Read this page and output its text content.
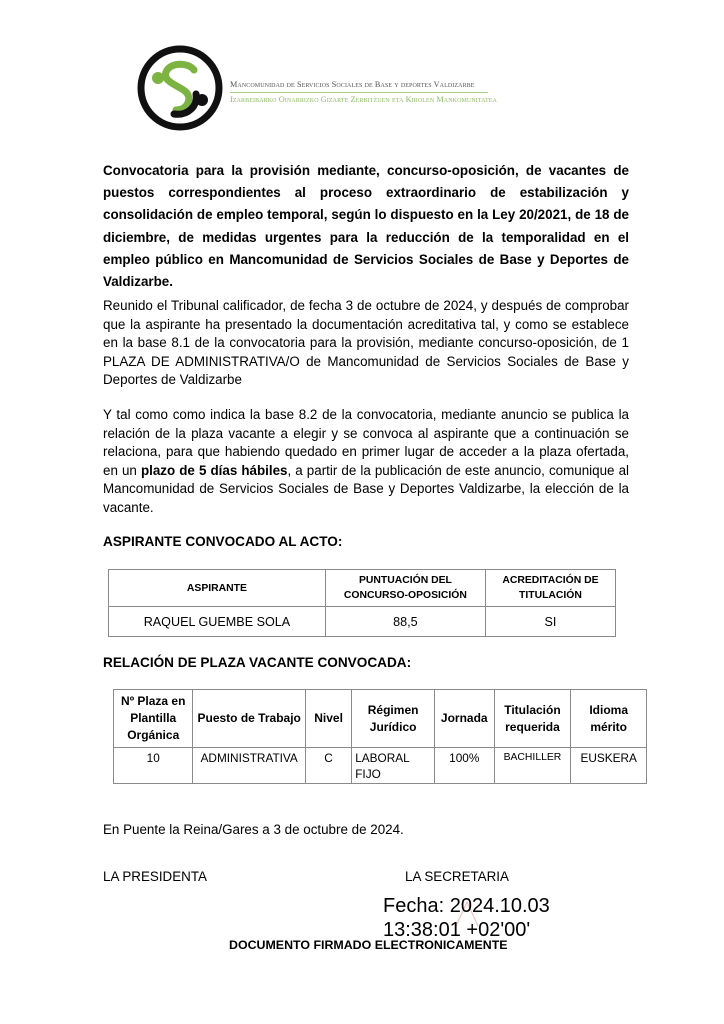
Mancomunidad de Servicios Sociales de Base y deportes Valdizarbe
Izarbeibarko Oinarrizko Gizarte Zerbitzuen eta Kirolen Mankomunitatea
Convocatoria para la provisión mediante, concurso-oposición, de vacantes de puestos correspondientes al proceso extraordinario de estabilización y consolidación de empleo temporal, según lo dispuesto en la Ley 20/2021, de 18 de diciembre, de medidas urgentes para la reducción de la temporalidad en el empleo público en Mancomunidad de Servicios Sociales de Base y Deportes de Valdizarbe.
Reunido el Tribunal calificador, de fecha 3 de octubre de 2024, y después de comprobar que la aspirante ha presentado la documentación acreditativa tal, y como se establece en la base 8.1 de la convocatoria para la provisión, mediante concurso-oposición, de 1 PLAZA DE ADMINISTRATIVA/O de Mancomunidad de Servicios Sociales de Base y Deportes de Valdizarbe
Y tal como como indica la base 8.2 de la convocatoria, mediante anuncio se publica la relación de la plaza vacante a elegir y se convoca al aspirante que a continuación se relaciona, para que habiendo quedado en primer lugar de acceder a la plaza ofertada, en un plazo de 5 días hábiles, a partir de la publicación de este anuncio, comunique al Mancomunidad de Servicios Sociales de Base y Deportes Valdizarbe, la elección de la vacante.
ASPIRANTE CONVOCADO AL ACTO:
ASPIRANTE	PUNTUACIÓN DEL CONCURSO-OPOSICIÓN	ACREDITACIÓN DE TITULACIÓN
RAQUEL GUEMBE SOLA	88,5	SI
RELACIÓN DE PLAZA VACANTE CONVOCADA:
Nº Plaza en Plantilla Orgánica	Puesto de Trabajo	Nivel	Régimen Jurídico	Jornada	Titulación requerida	Idioma mérito
10	ADMINISTRATIVA	C	LABORAL FIJO	100%	BACHILLER	EUSKERA
En Puente la Reina/Gares a 3 de octubre de 2024.
LA PRESIDENTA	LA SECRETARIA
Fecha: 2024.10.03
13:38:01 +02'00'
DOCUMENTO FIRMADO ELECTRONICAMENTE
